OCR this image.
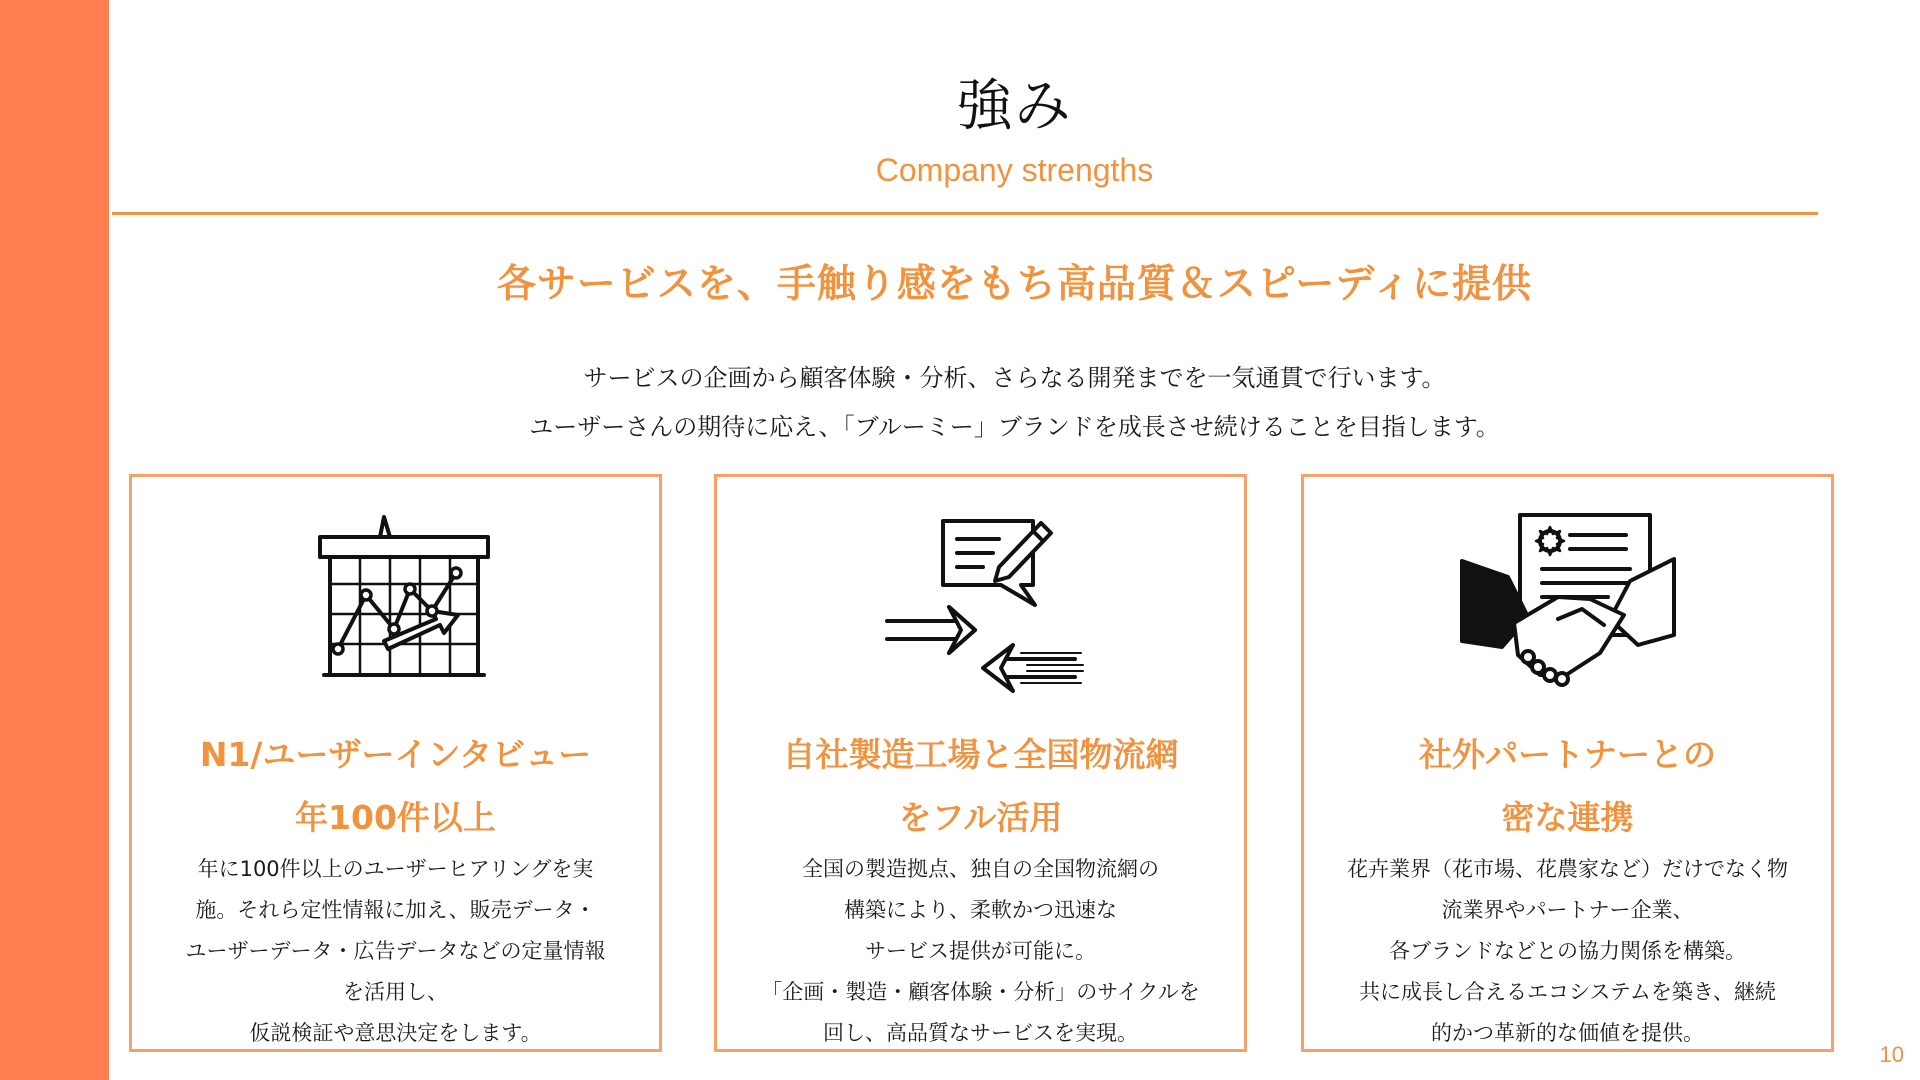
強み
Company strengths
各サービスを、手触り感をもち高品質＆スピーディに提供
サービスの企画から顧客体験・分析、さらなる開発までを一気通貫で行います。
ユーザーさんの期待に応え、「ブルーミー」ブランドを成長させ続けることを目指します。
N1/ユーザーインタビュー
年100件以上
年に100件以上のユーザーヒアリングを実
施。それら定性情報に加え、販売データ・
ユーザーデータ・広告データなどの定量情報
を活用し、
仮説検証や意思決定をします。
自社製造工場と全国物流網
をフル活用
全国の製造拠点、独自の全国物流網の
構築により、柔軟かつ迅速な
サービス提供が可能に。
「企画・製造・顧客体験・分析」のサイクルを
回し、高品質なサービスを実現。
社外パートナーとの
密な連携
花卉業界（花市場、花農家など）だけでなく物
流業界やパートナー企業、
各ブランドなどとの協力関係を構築。
共に成長し合えるエコシステムを築き、継続
的かつ革新的な価値を提供。
10
